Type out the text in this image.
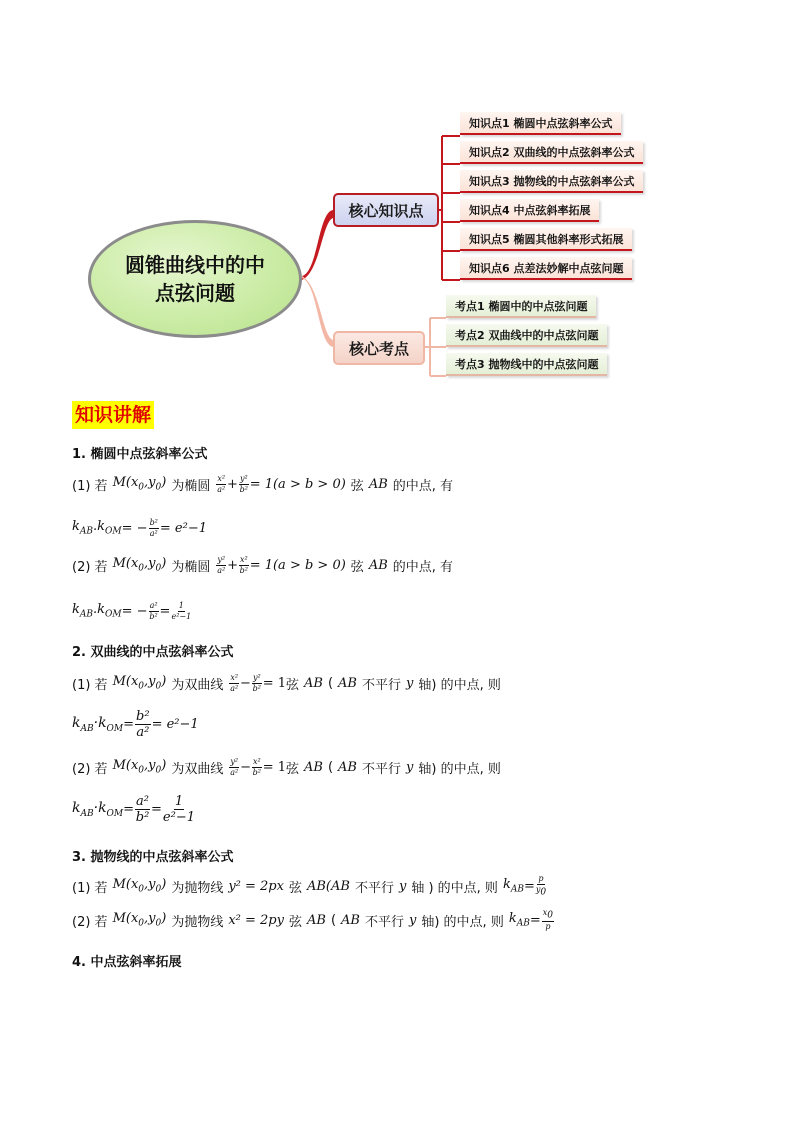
圆锥曲线中的中点弦问题
核心知识点
核心考点
知识点1 椭圆中点弦斜率公式
知识点2 双曲线的中点弦斜率公式
知识点3 抛物线的中点弦斜率公式
知识点4 中点弦斜率拓展
知识点5 椭圆其他斜率形式拓展
知识点6 点差法妙解中点弦问题
考点1 椭圆中的中点弦问题
考点2 双曲线中的中点弦问题
考点3 抛物线中的中点弦问题
知识讲解
1. 椭圆中点弦斜率公式
(1) 若 $M(x_0,y_0)$ 为椭圆 $\frac{\text{x²}}{\text{a²}} + \frac{\text{y²}}{\text{b²}} = 1(a > b > 0)$ 弦 AB 的中点, 有
$k_{AB}.k_{OM}$ = − $\frac{\text{b²}}{\text{a²}} = e^2-1$
(2) 若 $M(x_0,y_0)$ 为椭圆 $\frac{\text{y²}}{\text{a²}} + \frac{\text{x²}}{\text{b²}} = 1(a > b > 0)$ 弦 AB 的中点, 有
$k_{AB}.k_{OM}$ = − $\frac{\text{a²}}{\text{b²}} = \frac{1}{\text{e²−1}}$
2. 双曲线的中点弦斜率公式
(1) 若 $M(x_0,y_0)$ 为双曲线 $\frac{\text{x²}}{\text{a²}} - \frac{\text{y²}}{\text{b²}} = 1$ 弦 AB ( AB 不平行 y 轴) 的中点, 则
$k_{AB}\cdot k_{OM} = \frac{\text{b²}}{\text{a²}} = e^2-1$
(2) 若 $M(x_0,y_0)$ 为双曲线 $\frac{\text{y²}}{\text{a²}} - \frac{\text{x²}}{\text{b²}} = 1$ 弦 AB ( AB 不平行 y 轴) 的中点, 则
$k_{AB}\cdot k_{OM} = \frac{\text{a²}}{\text{b²}} = \frac{1}{\text{e²−1}}$
3. 抛物线的中点弦斜率公式
(1) 若 $M(x_0,y_0)$ 为抛物线 y² = 2px 弦 AB(AB 不平行 y 轴 ) 的中点, 则 $k_{AB} = \frac{p}{y_0}$
(2) 若 $M(x_0,y_0)$ 为抛物线 x² = 2py 弦 AB ( AB 不平行 y 轴) 的中点, 则 $k_{AB} = \frac{x_0}{p}$
4. 中点弦斜率拓展
